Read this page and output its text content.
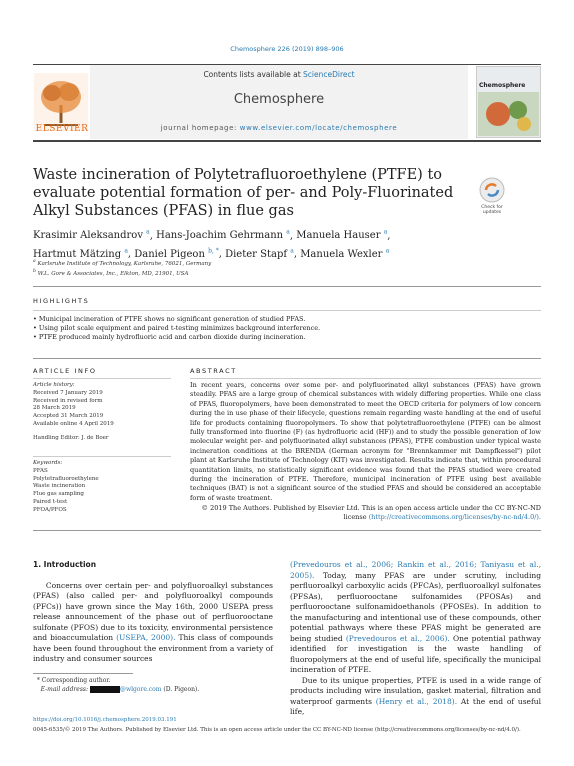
Chemosphere 226 (2019) 898–906
Contents lists available at ScienceDirect
Chemosphere
journal homepage: www.elsevier.com/locate/chemosphere
ELSEVIER
Chemosphere
Waste incineration of Polytetrafluoroethylene (PTFE) to evaluate potential formation of per- and Poly-Fluorinated Alkyl Substances (PFAS) in flue gas	Check for updates
Krasimir Aleksandrov $^a$, Hans-Joachim Gehrmann $^a$, Manuela Hauser $^a$,
Hartmut Mätzing $^a$, Daniel Pigeon $^{b, *}$, Dieter Stapf $^a$, Manuela Wexler $^a$
$^a$ Karlsruhe Institute of Technology, Karlsruhe, 76021, Germany
$^b$ W.L. Gore & Associates, Inc., Elkton, MD, 21901, USA
HIGHLIGHTS
• Municipal incineration of PTFE shows no significant generation of studied PFAS.
• Using pilot scale equipment and paired t-testing minimizes background interference.
• PTFE produced mainly hydrofluoric acid and carbon dioxide during incineration.
ARTICLE INFO
Article history:
Received 7 January 2019
Received in revised form
28 March 2019
Accepted 31 March 2019
Available online 4 April 2019
Handling Editor: J. de Boer
Keywords:
PFAS
Polytetrafluoroethylene
Waste incineration
Flue gas sampling
Paired t-test
PFOA/PFOS
ABSTRACT
In recent years, concerns over some per- and polyfluorinated alkyl substances (PFAS) have grown steadily. PFAS are a large group of chemical substances with widely differing properties. While one class of PFAS, fluoropolymers, have been demonstrated to meet the OECD criteria for polymers of low concern during the in use phase of their lifecycle, questions remain regarding waste handling at the end of useful life for products containing fluoropolymers. To show that polytetrafluoroethylene (PTFE) can be almost fully transformed into fluorine (F) (as hydrofluoric acid (HF)) and to study the possible generation of low molecular weight per- and polyfluorinated alkyl substances (PFAS), PTFE combustion under typical waste incineration conditions at the BRENDA (German acronym for "Brennkammer mit Dampfkessel") pilot plant at Karlsruhe Institute of Technology (KIT) was investigated. Results indicate that, within procedural quantitation limits, no statistically significant evidence was found that the PFAS studied were created during the incineration of PTFE. Therefore, municipal incineration of PTFE using best available techniques (BAT) is not a significant source of the studied PFAS and should be considered an acceptable form of waste treatment.
© 2019 The Authors. Published by Elsevier Ltd. This is an open access article under the CC BY-NC-ND license (http://creativecommons.org/licenses/by-nc-nd/4.0/).
1. Introduction

Concerns over certain per- and polyfluoroalkyl substances (PFAS) (also called per- and polyfluoroalkyl compounds (PFCs)) have grown since the May 16th, 2000 USEPA press release announcement of the phase out of perfluorooctane sulfonate (PFOS) due to its toxicity, environmental persistence and bioaccumulation (USEPA, 2000). This class of compounds have been found throughout the environment from a variety of industry and consumer sources

(Prevedouros et al., 2006; Rankin et al., 2016; Taniyasu et al., 2005). Today, many PFAS are under scrutiny, including perfluoroalkyl carboxylic acids (PFCAs), perfluoroalkyl sulfonates (PFSAs), perfluorooctane sulfonamides (PFOSAs) and perfluorooctane sulfonamidoethanols (PFOSEs). In addition to the manufacturing and intentional use of these compounds, other potential pathways where these PFAS might be generated are being studied (Prevedouros et al., 2006). One potential pathway identified for investigation is the waste handling of fluoropolymers at the end of useful life, specifically the municipal incineration of PTFE.

Due to its unique properties, PTFE is used in a wide range of products including wire insulation, gasket material, filtration and waterproof garments (Henry et al., 2018). At the end of useful life,

* Corresponding author.
E-mail address:	@wlgore.com (D. Pigeon).
https://doi.org/10.1016/j.chemosphere.2019.03.191
0045-6535/© 2019 The Authors. Published by Elsevier Ltd. This is an open access article under the CC BY-NC-ND license (http://creativecommons.org/licenses/by-nc-nd/4.0/).
